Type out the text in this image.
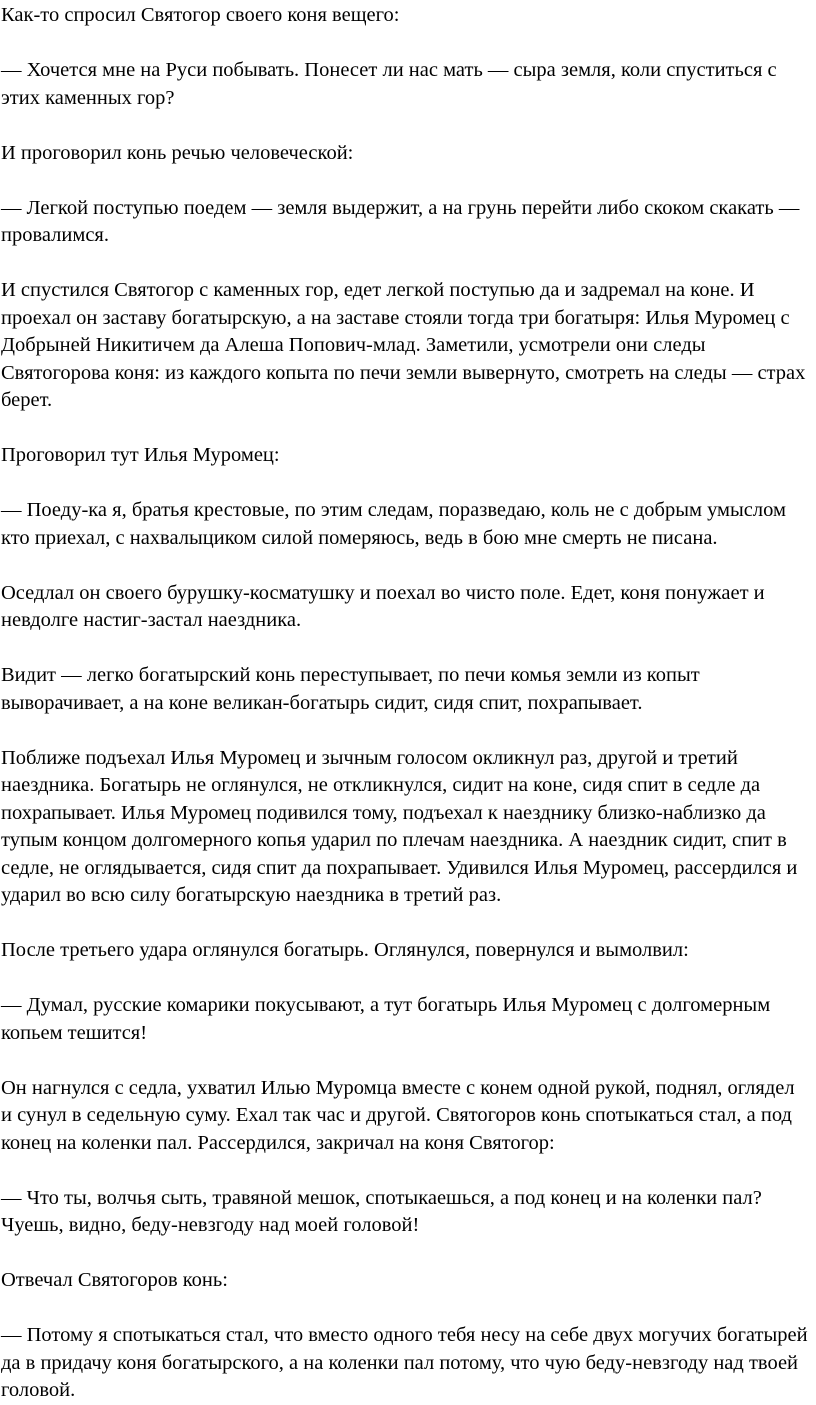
Как-то спросил Святогор своего коня вещего:

— Хочется мне на Руси побывать. Понесет ли нас мать — сыра земля, коли спуститься с этих каменных гор?

И проговорил конь речью человеческой:

— Легкой поступью поедем — земля выдержит, а на грунь перейти либо скоком скакать — провалимся.

И спустился Святогор с каменных гор, едет легкой поступью да и задремал на коне. И проехал он заставу богатырскую, а на заставе стояли тогда три богатыря: Илья Муромец с Добрыней Никитичем да Алеша Попович-млад. Заметили, усмотрели они следы Святогорова коня: из каждого копыта по печи земли вывернуто, смотреть на следы — страх берет.

Проговорил тут Илья Муромец:

— Поеду-ка я, братья крестовые, по этим следам, поразведаю, коль не с добрым умыслом кто приехал, с нахвалыциком силой померяюсь, ведь в бою мне смерть не писана.

Оседлал он своего бурушку-косматушку и поехал во чисто поле. Едет, коня понужает и невдолге настиг-застал наездника.

Видит — легко богатырский конь переступывает, по печи комья земли из копыт выворачивает, а на коне великан-богатырь сидит, сидя спит, похрапывает.

Поближе подъехал Илья Муромец и зычным голосом окликнул раз, другой и третий наездника. Богатырь не оглянулся, не откликнулся, сидит на коне, сидя спит в седле да похрапывает. Илья Муромец подивился тому, подъехал к наезднику близко-наблизко да тупым концом долгомерного копья ударил по плечам наездника. А наездник сидит, спит в седле, не оглядывается, сидя спит да похрапывает. Удивился Илья Муромец, рассердился и ударил во всю силу богатырскую наездника в третий раз.

После третьего удара оглянулся богатырь. Оглянулся, повернулся и вымолвил:

— Думал, русские комарики покусывают, а тут богатырь Илья Муромец с долгомерным копьем тешится!

Он нагнулся с седла, ухватил Илью Муромца вместе с конем одной рукой, поднял, оглядел и сунул в седельную суму. Ехал так час и другой. Святогоров конь спотыкаться стал, а под конец на коленки пал. Рассердился, закричал на коня Святогор:

— Что ты, волчья сыть, травяной мешок, спотыкаешься, а под конец и на коленки пал? Чуешь, видно, беду-невзгоду над моей головой!

Отвечал Святогоров конь:

— Потому я спотыкаться стал, что вместо одного тебя несу на себе двух могучих богатырей да в придачу коня богатырского, а на коленки пал потому, что чую беду-невзгоду над твоей головой.
